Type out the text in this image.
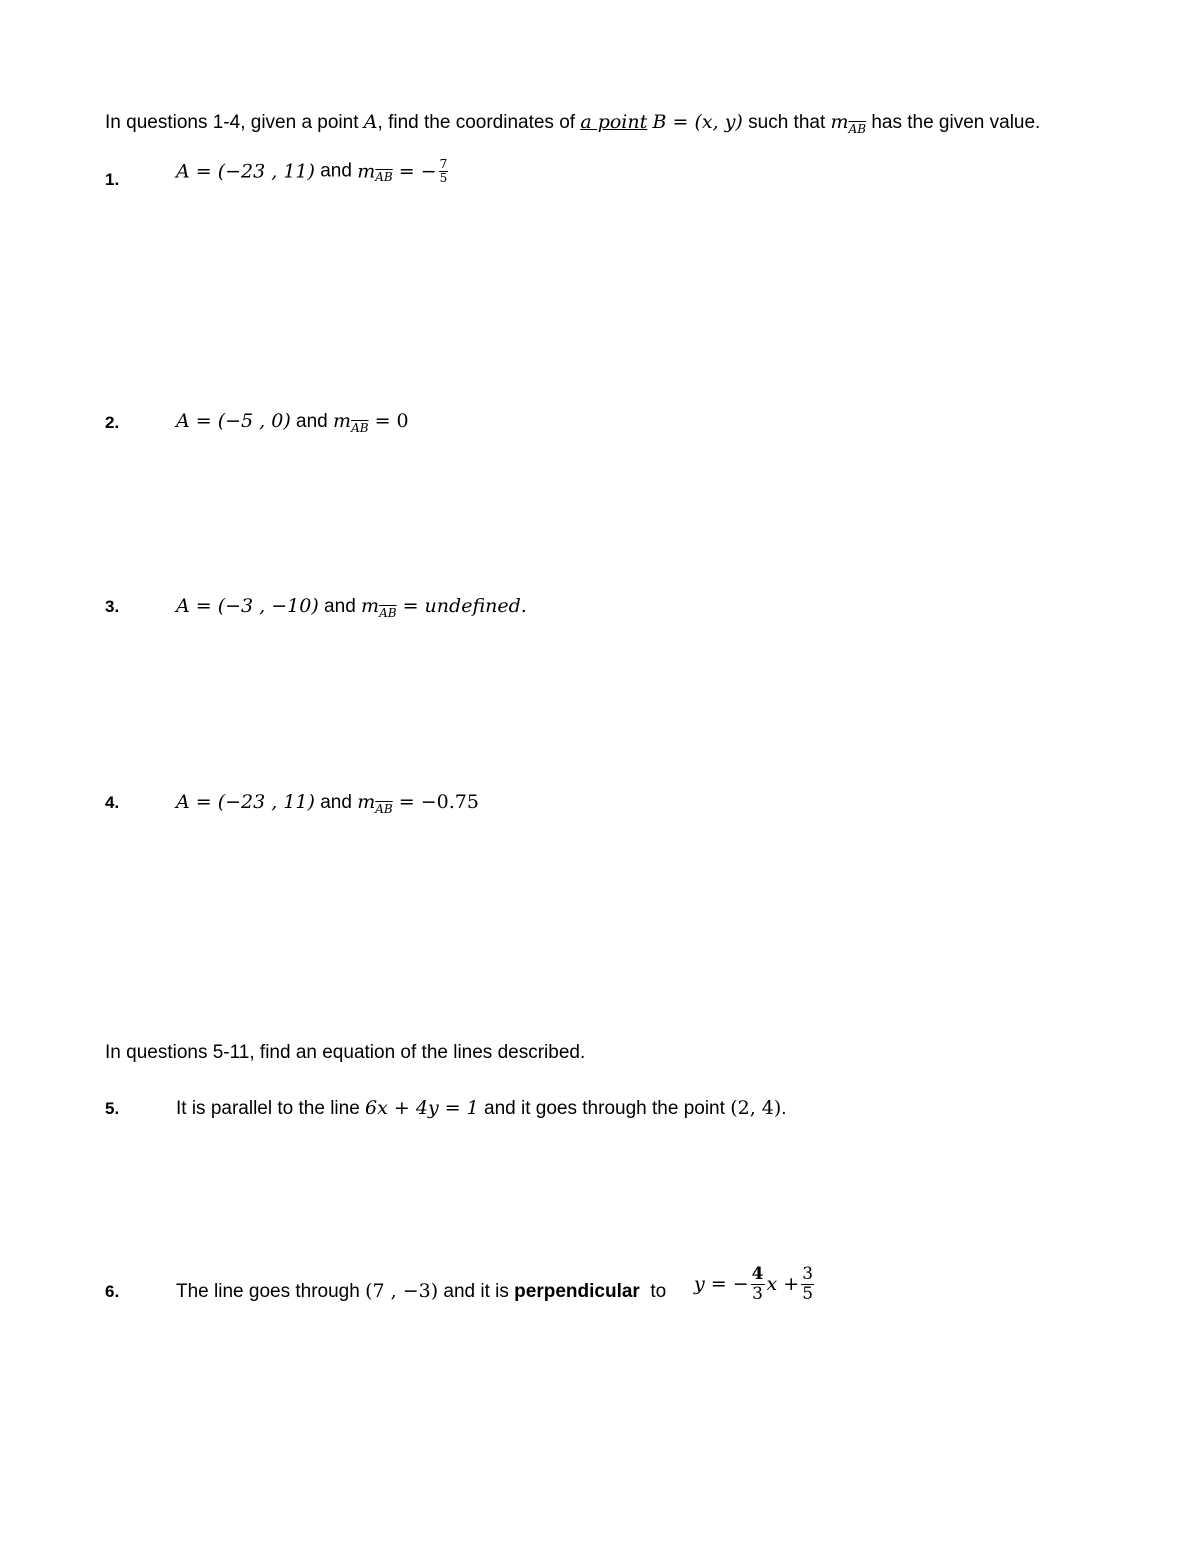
In questions 1-4, given a point A, find the coordinates of a point B = (x, y) such that $m_{\overline{AB}}$ has the given value.
1.	A = (−23 , 11) and $m_{\overline{AB}}$ = − $\frac{7}{5}$
2.	A = (−5 , 0) and $m_{\overline{AB}} = 0$
3.	A = (−3 , −10) and $m_{\overline{AB}}$ = undefined.
4.	A = (−23 , 11) and $m_{\overline{AB}} = -0.75$
In questions 5-11, find an equation of the lines described.
5.	It is parallel to the line 6x + 4y = 1 and it goes through the point (2, 4).
6.	The line goes through (7 , −3) and it is perpendicular  to y = − $\frac{4}{3}$ $x + \frac{3}{5}$
